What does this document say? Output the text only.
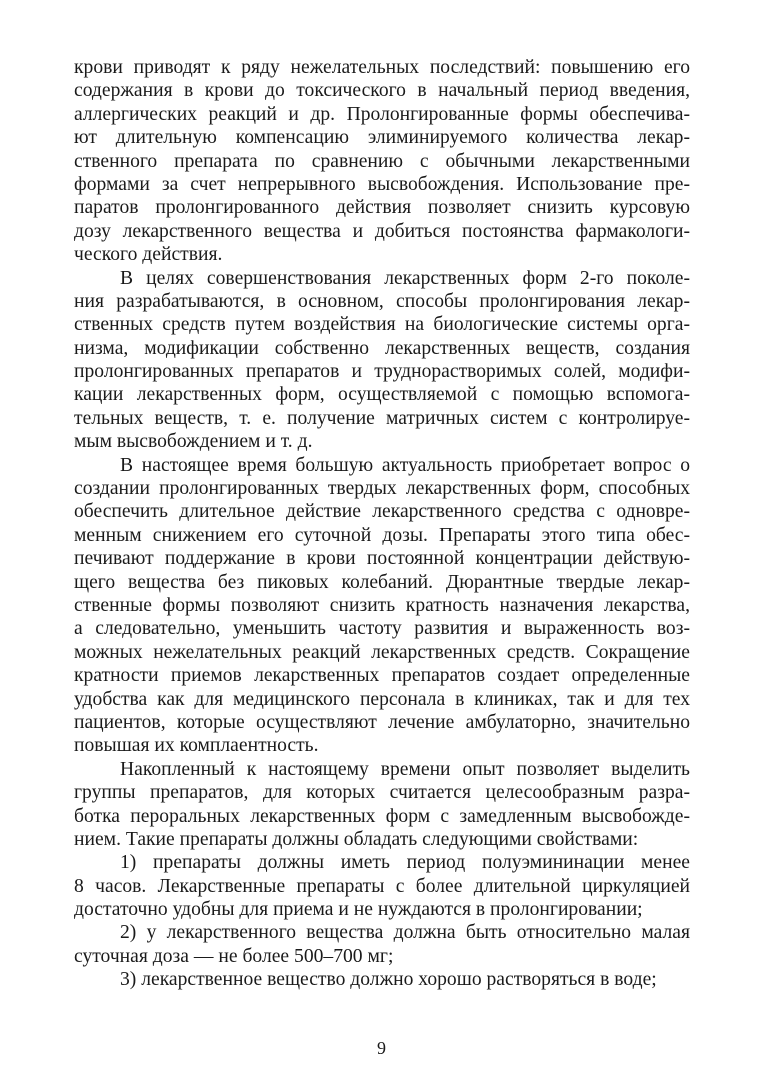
крови приводят к ряду нежелательных последствий: повышению его
содержания в крови до токсического в начальный период введения,
аллергических реакций и др. Пролонгированные формы обеспечива-
ют длительную компенсацию элиминируемого количества лекар-
ственного препарата по сравнению с обычными лекарственными
формами за счет непрерывного высвобождения. Использование пре-
паратов пролонгированного действия позволяет снизить курсовую
дозу лекарственного вещества и добиться постоянства фармакологи-
ческого действия.
В целях совершенствования лекарственных форм 2-го поколе-
ния разрабатываются, в основном, способы пролонгирования лекар-
ственных средств путем воздействия на биологические системы орга-
низма, модификации собственно лекарственных веществ, создания
пролонгированных препаратов и труднорастворимых солей, модифи-
кации лекарственных форм, осуществляемой с помощью вспомога-
тельных веществ, т. е. получение матричных систем с контролируе-
мым высвобождением и т. д.
В настоящее время большую актуальность приобретает вопрос о
создании пролонгированных твердых лекарственных форм, способных
обеспечить длительное действие лекарственного средства с одновре-
менным снижением его суточной дозы. Препараты этого типа обес-
печивают поддержание в крови постоянной концентрации действую-
щего вещества без пиковых колебаний. Дюрантные твердые лекар-
ственные формы позволяют снизить кратность назначения лекарства,
а следовательно, уменьшить частоту развития и выраженность воз-
можных нежелательных реакций лекарственных средств. Сокращение
кратности приемов лекарственных препаратов создает определенные
удобства как для медицинского персонала в клиниках, так и для тех
пациентов, которые осуществляют лечение амбулаторно, значительно
повышая их комплаентность.
Накопленный к настоящему времени опыт позволяет выделить
группы препаратов, для которых считается целесообразным разра-
ботка пероральных лекарственных форм с замедленным высвобожде-
нием. Такие препараты должны обладать следующими свойствами:
1) препараты должны иметь период полуэмининации менее
8 часов. Лекарственные препараты с более длительной циркуляцией
достаточно удобны для приема и не нуждаются в пролонгировании;
2) у лекарственного вещества должна быть относительно малая
суточная доза — не более 500–700 мг;
3) лекарственное вещество должно хорошо растворяться в воде;
9
